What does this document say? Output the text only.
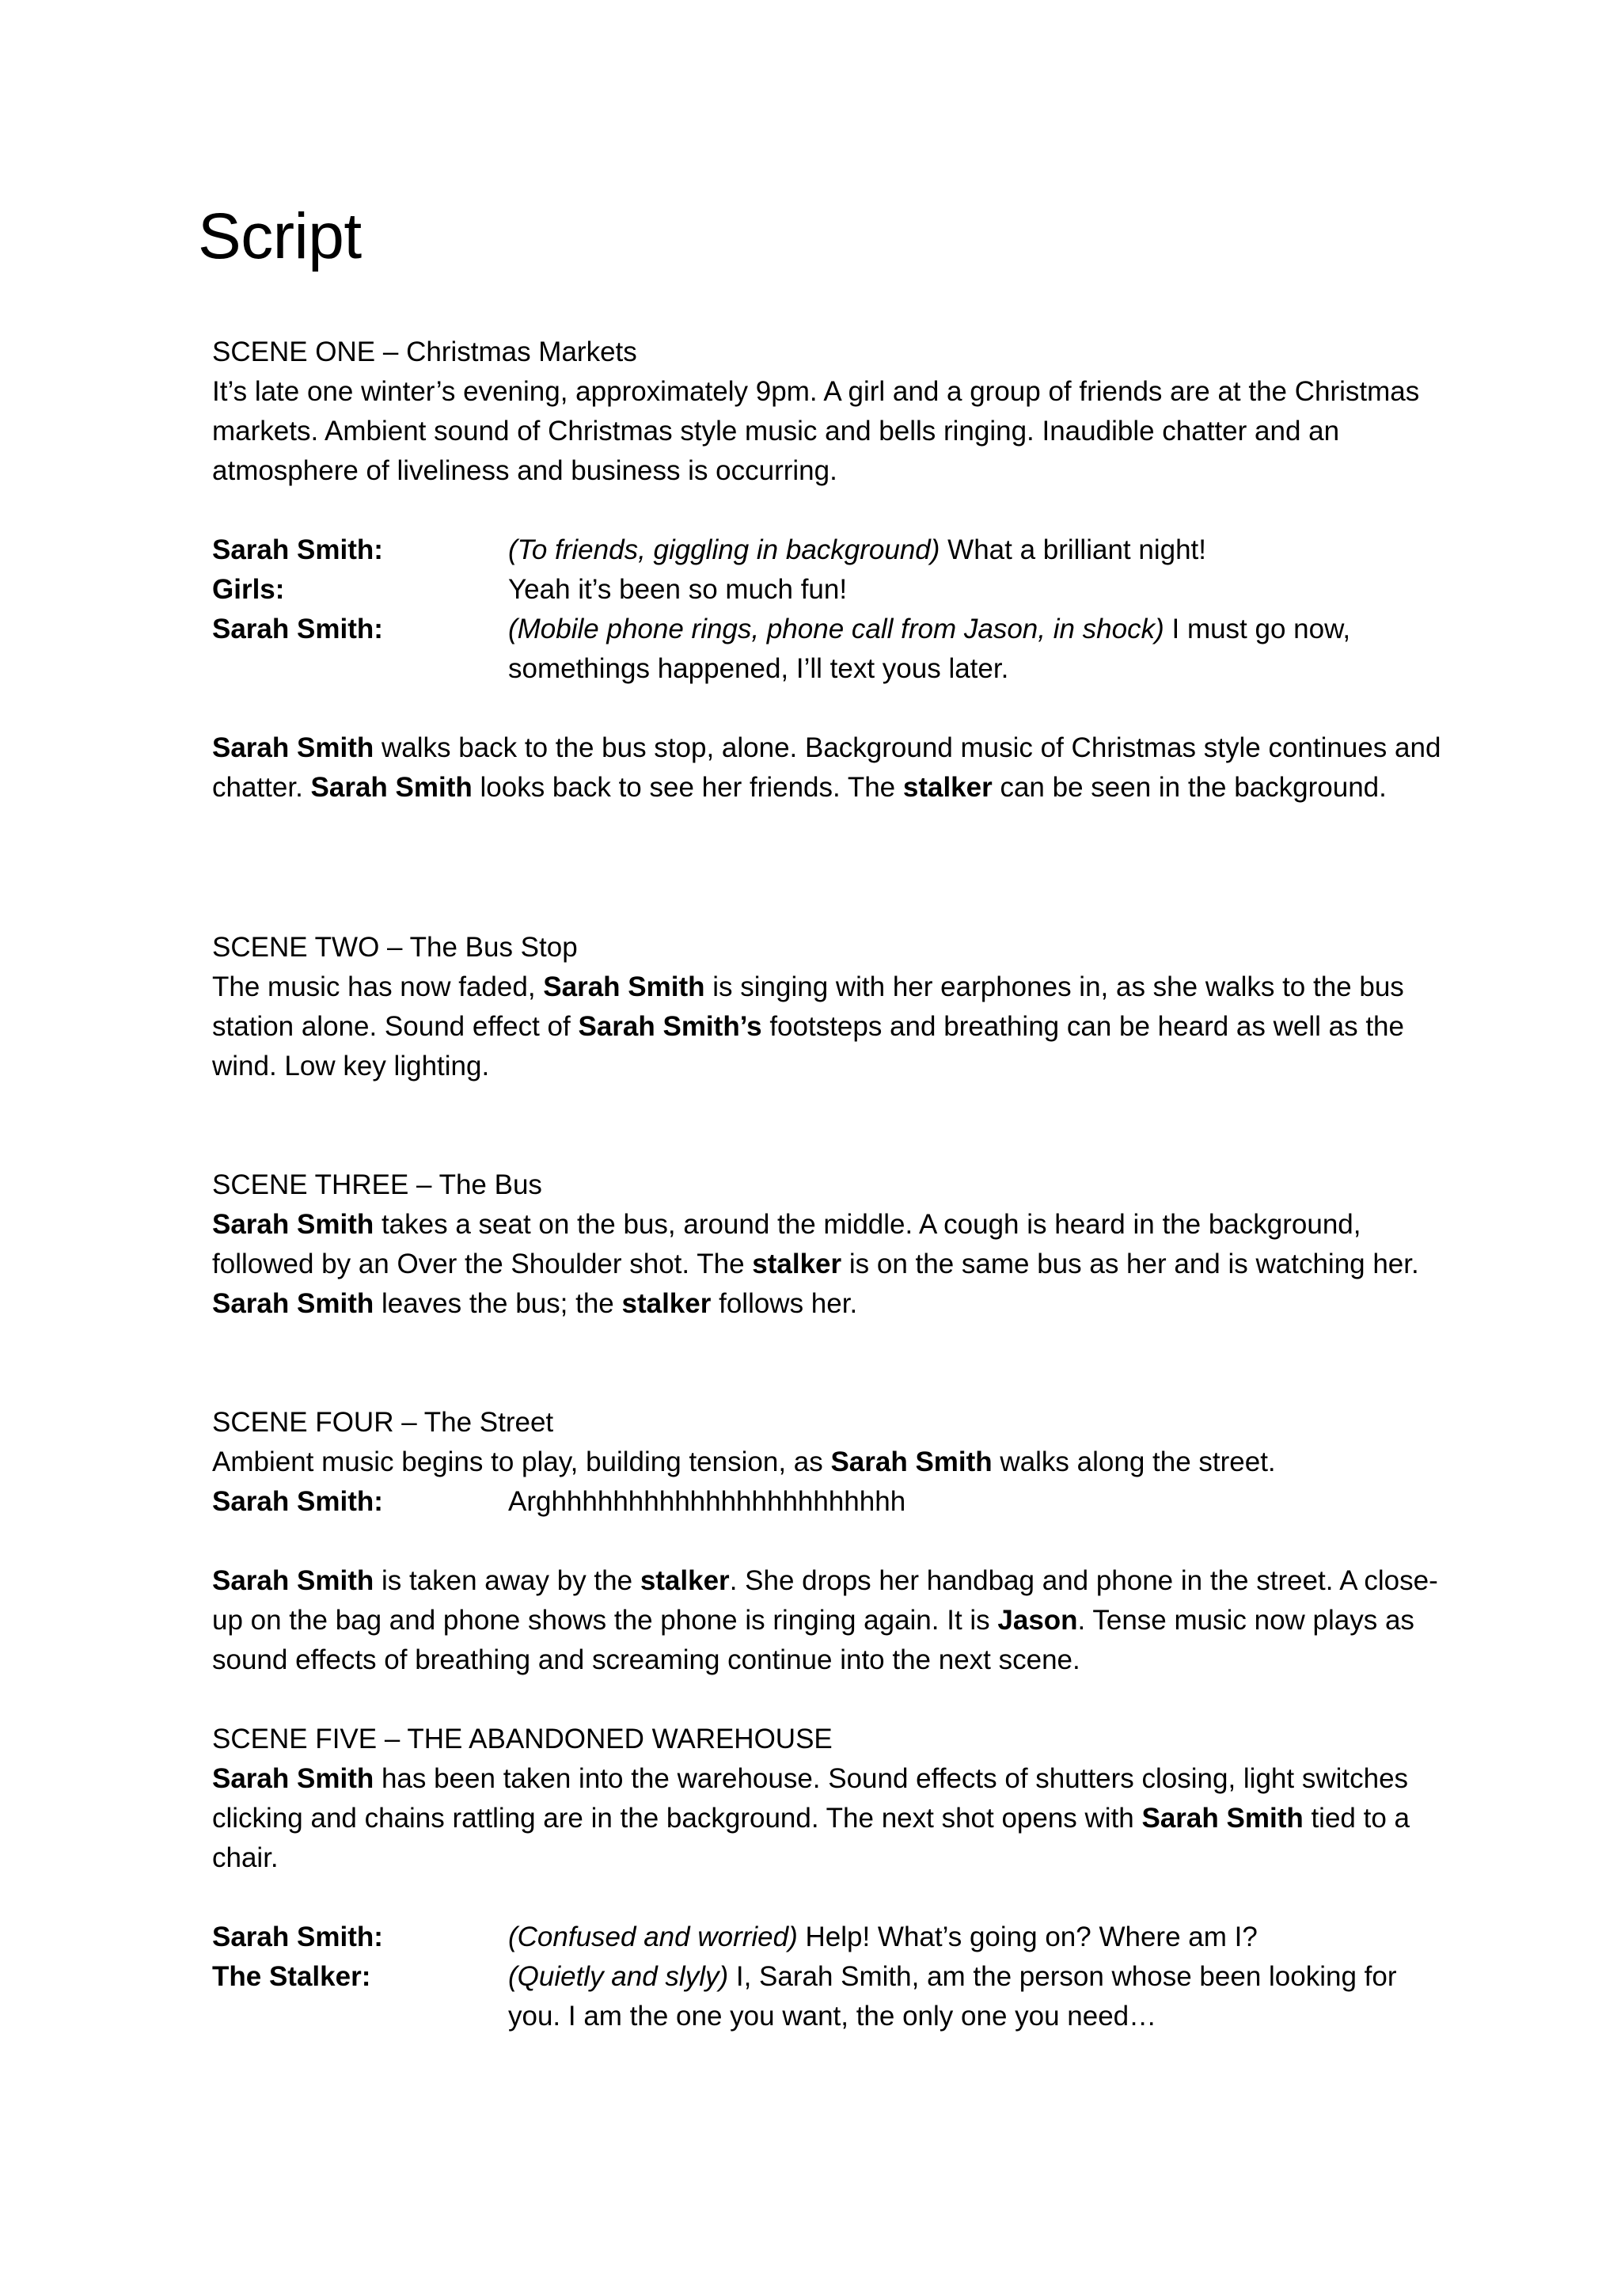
Script

SCENE ONE – Christmas Markets

It’s late one winter’s evening, approximately 9pm. A girl and a group of friends are at the Christmas markets. Ambient sound of Christmas style music and bells ringing. Inaudible chatter and an atmosphere of liveliness and business is occurring.

Sarah Smith:	(To friends, giggling in background) What a brilliant night!

Girls:	Yeah it’s been so much fun!

Sarah Smith:	(Mobile phone rings, phone call from Jason, in shock) I must go now, somethings happened, I’ll text yous later.

Sarah Smith walks back to the bus stop, alone. Background music of Christmas style continues and chatter. Sarah Smith looks back to see her friends. The stalker can be seen in the background.

SCENE TWO – The Bus Stop

The music has now faded, Sarah Smith is singing with her earphones in, as she walks to the bus station alone. Sound effect of Sarah Smith’s footsteps and breathing can be heard as well as the wind. Low key lighting.

SCENE THREE – The Bus

Sarah Smith takes a seat on the bus, around the middle. A cough is heard in the background, followed by an Over the Shoulder shot. The stalker is on the same bus as her and is watching her. Sarah Smith leaves the bus; the stalker follows her.

SCENE FOUR – The Street

Ambient music begins to play, building tension, as Sarah Smith walks along the street.

Sarah Smith:	Arghhhhhhhhhhhhhhhhhhhhhhh

Sarah Smith is taken away by the stalker. She drops her handbag and phone in the street. A close-up on the bag and phone shows the phone is ringing again. It is Jason. Tense music now plays as sound effects of breathing and screaming continue into the next scene.

SCENE FIVE – THE ABANDONED WAREHOUSE

Sarah Smith has been taken into the warehouse. Sound effects of shutters closing, light switches clicking and chains rattling are in the background. The next shot opens with Sarah Smith tied to a chair.

Sarah Smith:	(Confused and worried) Help! What’s going on? Where am I?

The Stalker:	(Quietly and slyly) I, Sarah Smith, am the person whose been looking for you. I am the one you want, the only one you need…
